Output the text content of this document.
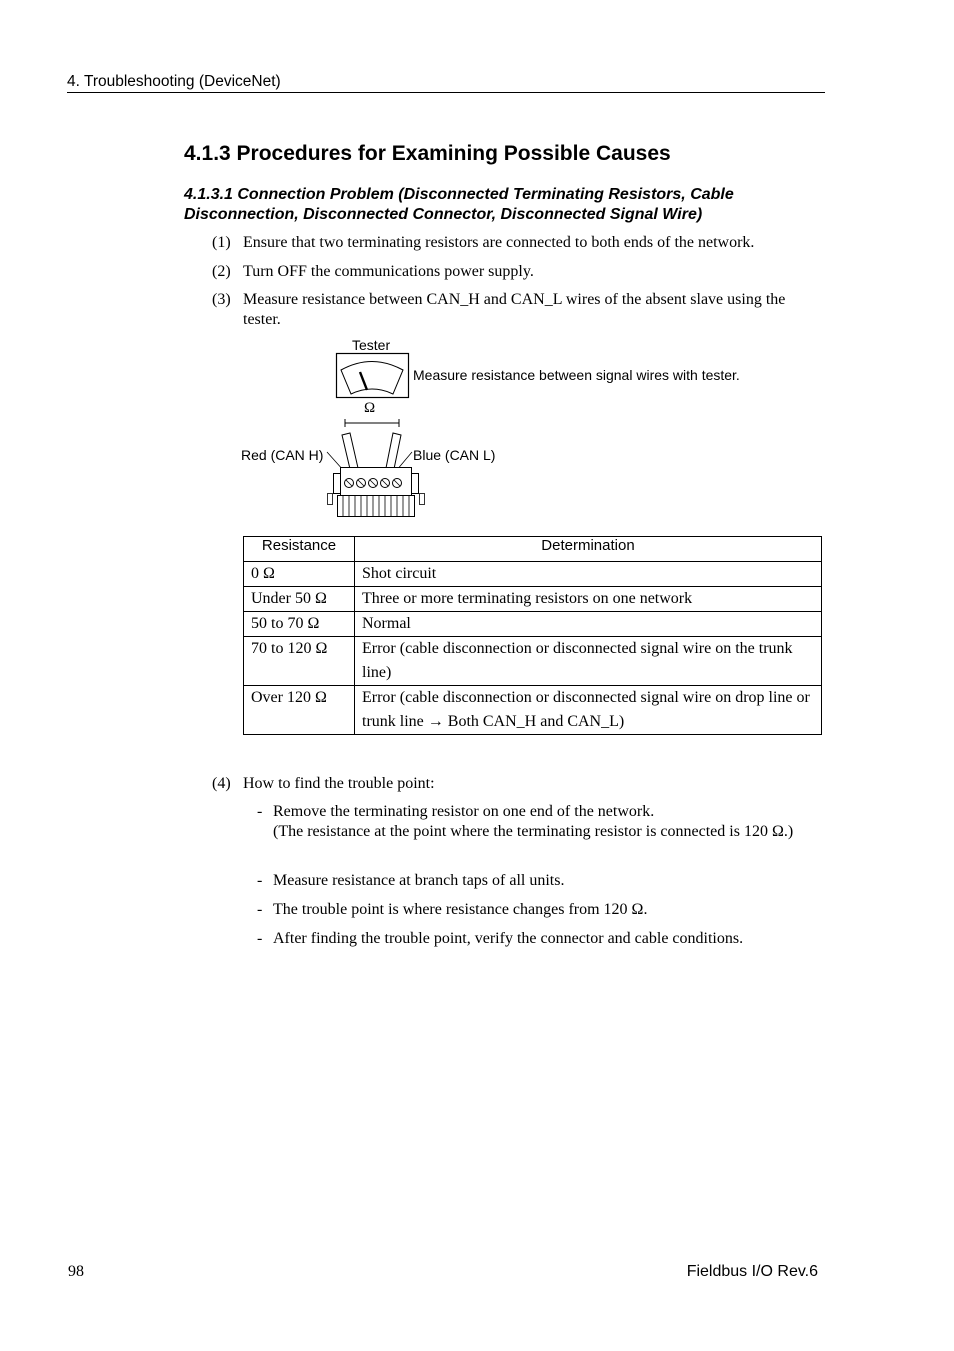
4. Troubleshooting (DeviceNet)
4.1.3 Procedures for Examining Possible Causes
4.1.3.1 Connection Problem (Disconnected Terminating Resistors, Cable Disconnection, Disconnected Connector, Disconnected Signal Wire)
(1) Ensure that two terminating resistors are connected to both ends of the network.
(2) Turn OFF the communications power supply.
(3) Measure resistance between CAN_H and CAN_L wires of the absent slave using the tester.
Tester
Measure resistance between signal wires with tester.
Ω
Red (CAN H)	Blue (CAN L)
Resistance	Determination
0 Ω	Shot circuit
Under 50 Ω	Three or more terminating resistors on one network
50 to 70 Ω	Normal
70 to 120 Ω	Error (cable disconnection or disconnected signal wire on the trunk line)
Over 120 Ω	Error (cable disconnection or disconnected signal wire on drop line or trunk line → Both CAN_H and CAN_L)
(4) How to find the trouble point:
- Remove the terminating resistor on one end of the network.
(The resistance at the point where the terminating resistor is connected is 120 Ω.)
- Measure resistance at branch taps of all units.
- The trouble point is where resistance changes from 120 Ω.
- After finding the trouble point, verify the connector and cable conditions.
98	Fieldbus I/O Rev.6
